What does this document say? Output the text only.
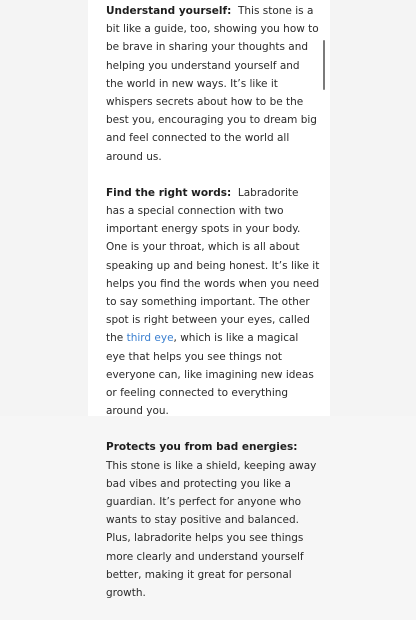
Understand yourself: This stone is a bit like a guide, too, showing you how to be brave in sharing your thoughts and helping you understand yourself and the world in new ways. It’s like it whispers secrets about how to be the best you, encouraging you to dream big and feel connected to the world all around us.

Find the right words: Labradorite has a special connection with two important energy spots in your body. One is your throat, which is all about speaking up and being honest. It’s like it helps you find the words when you need to say something important. The other spot is right between your eyes, called the third eye, which is like a magical eye that helps you see things not everyone can, like imagining new ideas or feeling connected to everything around you.

Protects you from bad energies:  This stone is like a shield, keeping away bad vibes and protecting you like a guardian. It’s perfect for anyone who wants to stay positive and balanced. Plus, labradorite helps you see things more clearly and understand yourself better, making it great for personal growth.
